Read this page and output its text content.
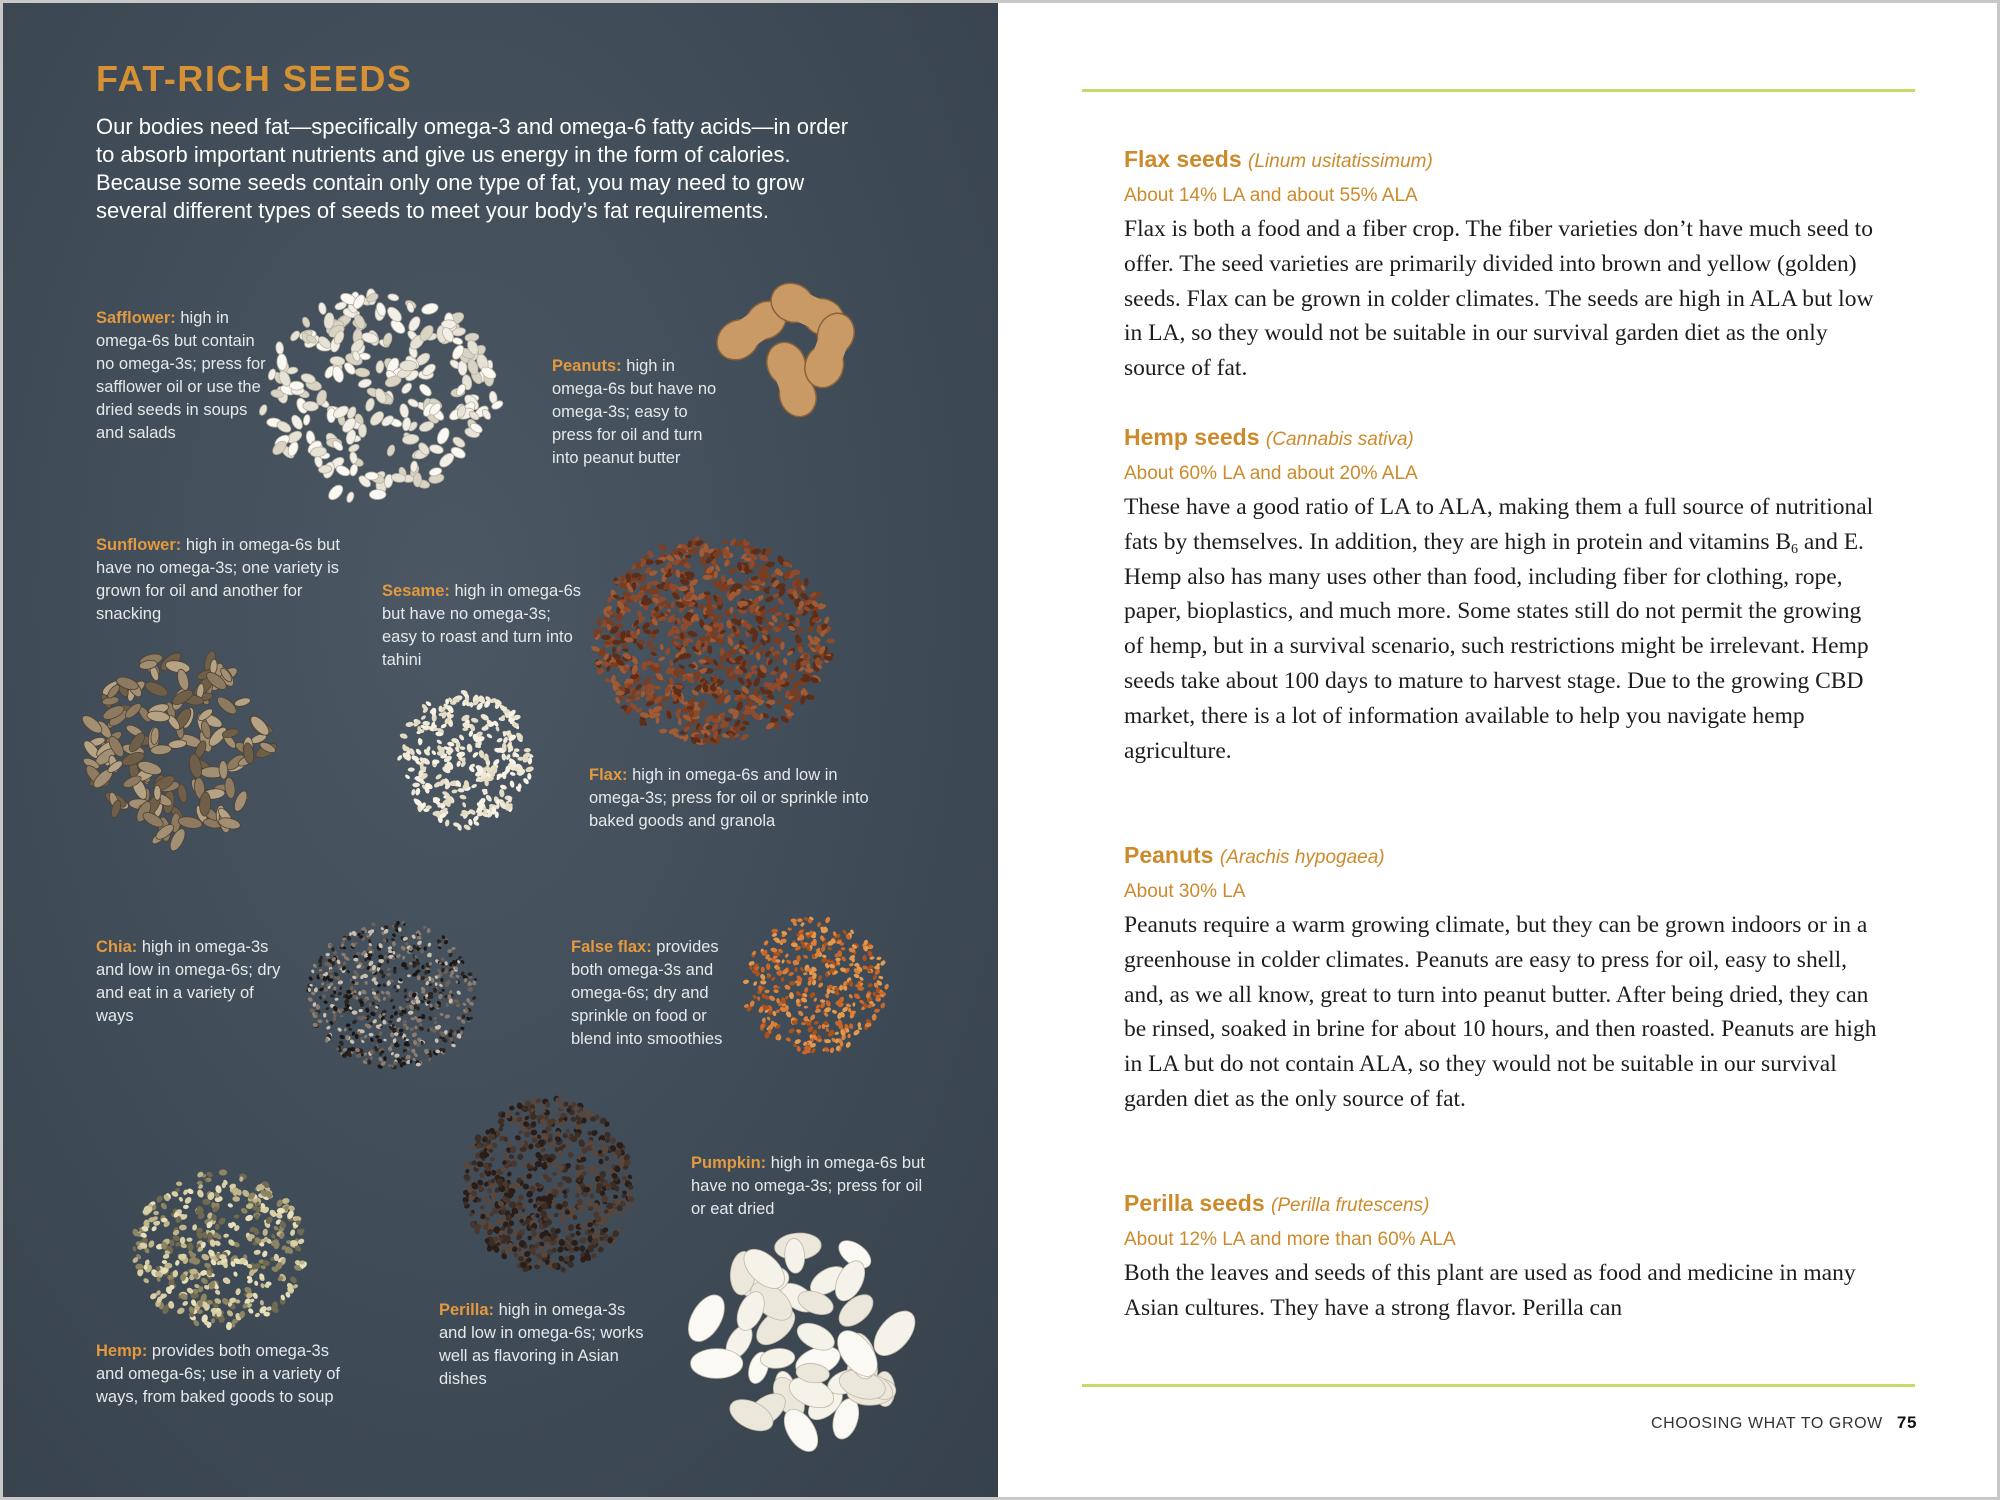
FAT-RICH SEEDS

Our bodies need fat—specifically omega-3 and omega-6 fatty acids—in order to absorb important nutrients and give us energy in the form of calories. Because some seeds contain only one type of fat, you may need to grow several different types of seeds to meet your body’s fat requirements.

Safflower: high in omega-6s but contain no omega-3s; press for safflower oil or use the dried seeds in soups and salads
Peanuts: high in omega-6s but have no omega-3s; easy to press for oil and turn into peanut butter
Sunflower: high in omega-6s but have no omega-3s; one variety is grown for oil and another for snacking
Sesame: high in omega-6s but have no omega-3s; easy to roast and turn into tahini
Flax: high in omega-6s and low in omega-3s; press for oil or sprinkle into baked goods and granola
Chia: high in omega-3s and low in omega-6s; dry and eat in a variety of ways
False flax: provides both omega-3s and omega-6s; dry and sprinkle on food or blend into smoothies
Pumpkin: high in omega-6s but have no omega-3s; press for oil or eat dried
Perilla: high in omega-3s and low in omega-6s; works well as flavoring in Asian dishes
Hemp: provides both omega-3s and omega-6s; use in a variety of ways, from baked goods to soup
Flax seeds (Linum usitatissimum)
About 14% LA and about 55% ALA

Flax is both a food and a fiber crop. The fiber varieties don’t have much seed to offer. The seed varieties are primarily divided into brown and yellow (golden) seeds. Flax can be grown in colder climates. The seeds are high in ALA but low in LA, so they would not be suitable in our survival garden diet as the only source of fat.

Hemp seeds (Cannabis sativa)
About 60% LA and about 20% ALA

These have a good ratio of LA to ALA, making them a full source of nutritional fats by themselves. In addition, they are high in protein and vitamins $B_6$ and E. Hemp also has many uses other than food, including fiber for clothing, rope, paper, bioplastics, and much more. Some states still do not permit the growing of hemp, but in a survival scenario, such restrictions might be irrelevant. Hemp seeds take about 100 days to mature to harvest stage. Due to the growing CBD market, there is a lot of information available to help you navigate hemp agriculture.

Peanuts (Arachis hypogaea)
About 30% LA

Peanuts require a warm growing climate, but they can be grown indoors or in a greenhouse in colder climates. Peanuts are easy to press for oil, easy to shell, and, as we all know, great to turn into peanut butter. After being dried, they can be rinsed, soaked in brine for about 10 hours, and then roasted. Peanuts are high in LA but do not contain ALA, so they would not be suitable in our survival garden diet as the only source of fat.

Perilla seeds (Perilla frutescens)
About 12% LA and more than 60% ALA

Both the leaves and seeds of this plant are used as food and medicine in many Asian cultures. They have a strong flavor. Perilla can

CHOOSING WHAT TO GROW 75
